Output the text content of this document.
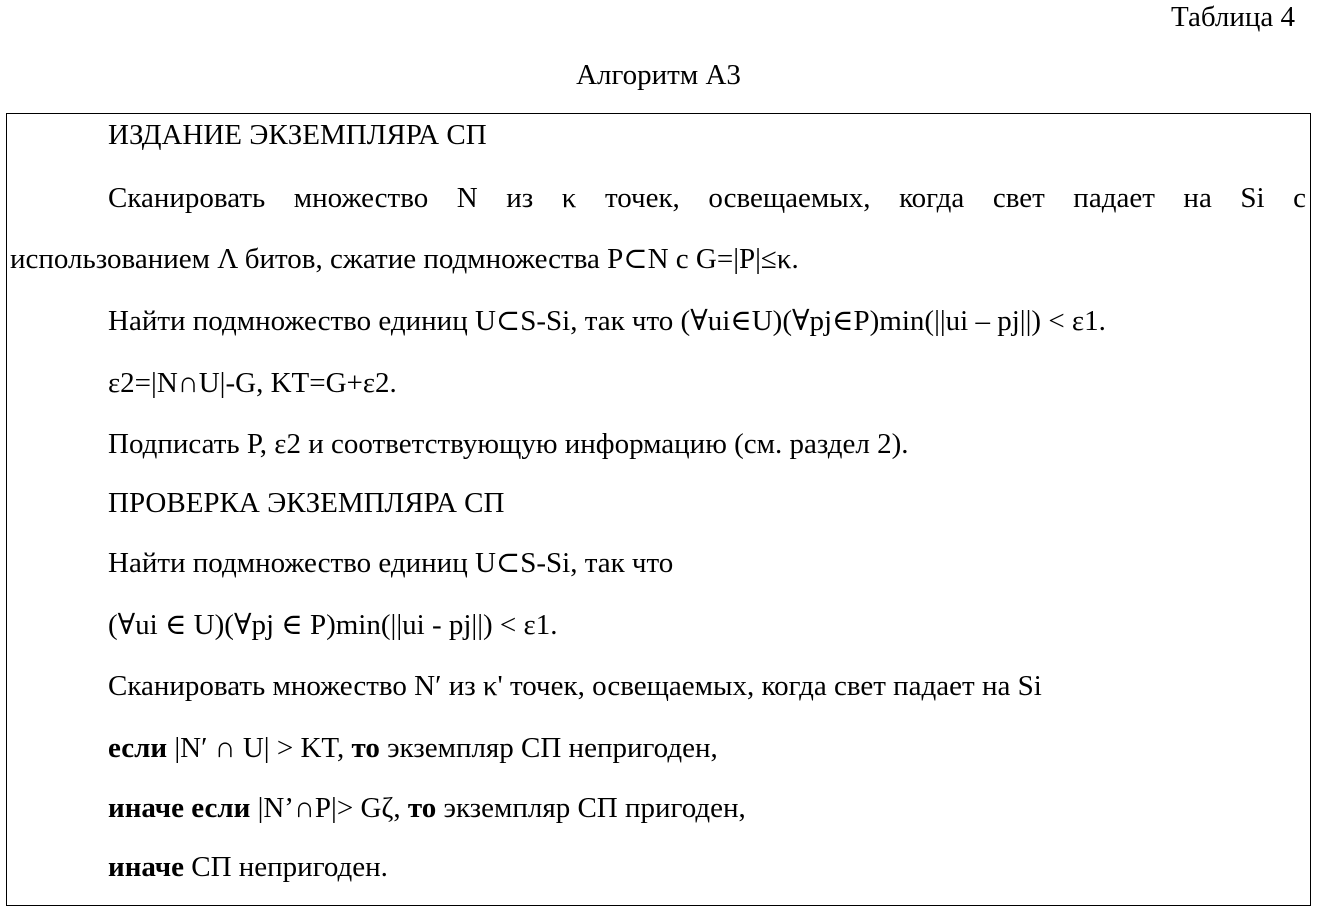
Таблица 4
Алгоритм А3
ИЗДАНИЕ ЭКЗЕМПЛЯРА СП
Сканировать множество N из κ точек, освещаемых, когда свет падает на Si с
использованием Λ битов, сжатие подмножества P⊂N с G=|P|≤κ.
Найти подмножество единиц U⊂S-Si, так что (∀ui∈U)(∀pj∈P)min(||ui – pj||) < ε1.
ε2=|N∩U|-G, KT=G+ε2.
Подписать P, ε2 и соответствующую информацию (см. раздел 2).
ПРОВЕРКА ЭКЗЕМПЛЯРА СП
Найти подмножество единиц U⊂S-Si, так что
(∀ui ∈ U)(∀pj ∈ P)min(||ui - pj||) < ε1.
Сканировать множество N′ из κ' точек, освещаемых, когда свет падает на Si
если |N′ ∩ U| > KT, то экземпляр СП непригоден,
иначе если |N’∩P|> Gζ, то экземпляр СП пригоден,
иначе СП непригоден.
